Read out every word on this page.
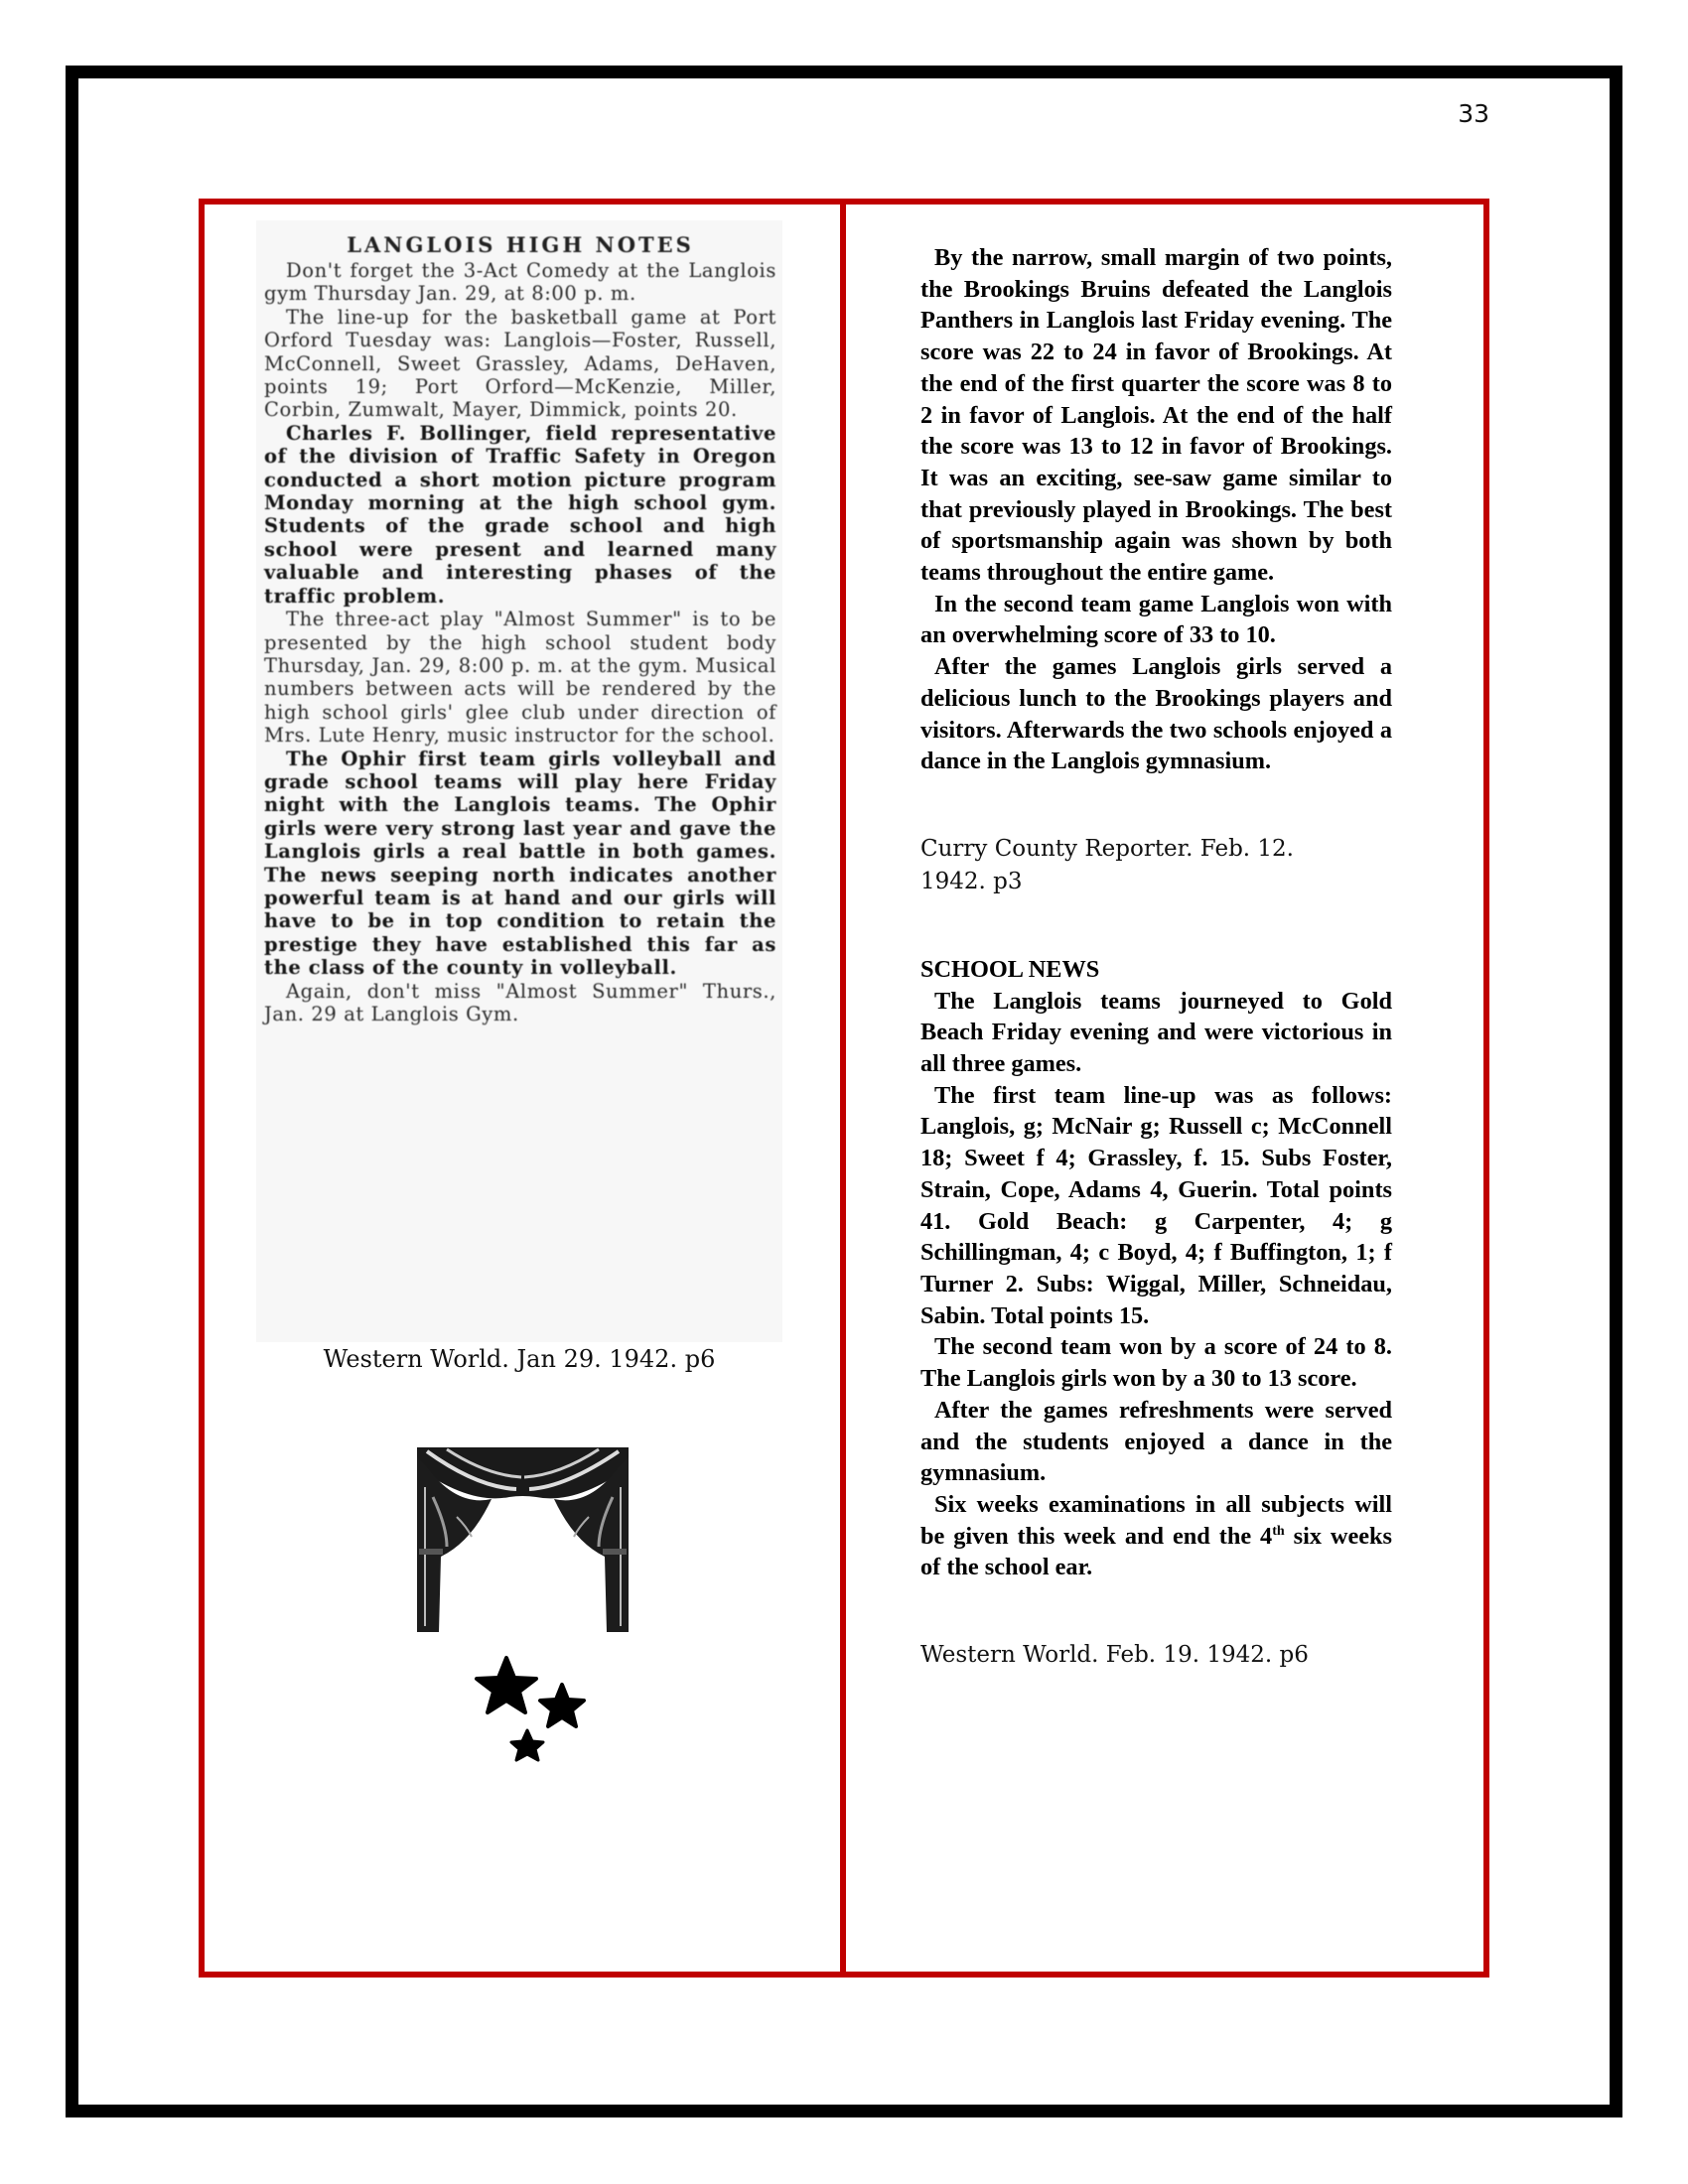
33
LANGLOIS HIGH NOTES

Don't forget the 3-Act Comedy at the Langlois gym Thursday Jan. 29, at 8:00 p. m.

The line-up for the basketball game at Port Orford Tuesday was: Langlois—Foster, Russell, McConnell, Sweet Grassley, Adams, DeHaven, points 19; Port Orford—McKenzie, Miller, Corbin, Zumwalt, Mayer, Dimmick, points 20.

Charles F. Bollinger, field representative of the division of Traffic Safety in Oregon conducted a short motion picture program Monday morning at the high school gym. Students of the grade school and high school were present and learned many valuable and interesting phases of the traffic problem.

The three-act play "Almost Summer" is to be presented by the high school student body Thursday, Jan. 29, 8:00 p. m. at the gym. Musical numbers between acts will be rendered by the high school girls' glee club under direction of Mrs. Lute Henry, music instructor for the school.

The Ophir first team girls volleyball and grade school teams will play here Friday night with the Langlois teams. The Ophir girls were very strong last year and gave the Langlois girls a real battle in both games. The news seeping north indicates another powerful team is at hand and our girls will have to be in top condition to retain the prestige they have established this far as the class of the county in volleyball.

Again, don't miss "Almost Summer" Thurs., Jan. 29 at Langlois Gym.

Western World. Jan 29. 1942. p6

By the narrow, small margin of two points, the Brookings Bruins defeated the Langlois Panthers in Langlois last Friday evening. The score was 22 to 24 in favor of Brookings. At the end of the first quarter the score was 8 to 2 in favor of Langlois. At the end of the half the score was 13 to 12 in favor of Brookings. It was an exciting, see-saw game similar to that previously played in Brookings. The best of sportsmanship again was shown by both teams throughout the entire game.

In the second team game Langlois won with an overwhelming score of 33 to 10.

After the games Langlois girls served a delicious lunch to the Brookings players and visitors. Afterwards the two schools enjoyed a dance in the Langlois gymnasium.

Curry County Reporter. Feb. 12. 1942. p3

SCHOOL NEWS

The Langlois teams journeyed to Gold Beach Friday evening and were victorious in all three games.

The first team line-up was as follows: Langlois, g; McNair g; Russell c; McConnell 18; Sweet f 4; Grassley, f. 15. Subs Foster, Strain, Cope, Adams 4, Guerin. Total points 41. Gold Beach: g Carpenter, 4; g Schillingman, 4; c Boyd, 4; f Buffington, 1; f Turner 2. Subs: Wiggal, Miller, Schneidau, Sabin. Total points 15.

The second team won by a score of 24 to 8. The Langlois girls won by a 30 to 13 score.

After the games refreshments were served and the students enjoyed a dance in the gymnasium.

Six weeks examinations in all subjects will be given this week and end the 4th six weeks of the school ear.

Western World. Feb. 19. 1942. p6
